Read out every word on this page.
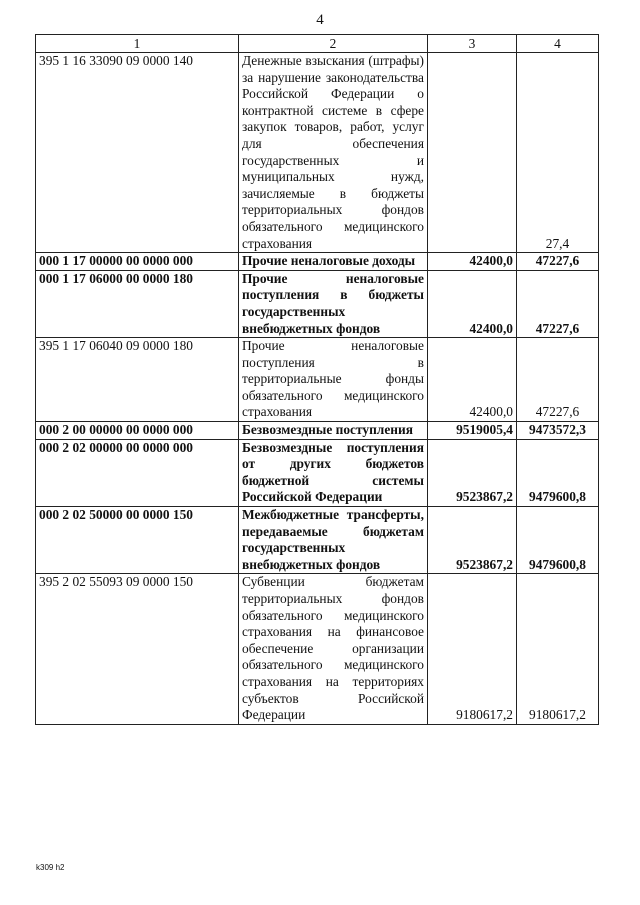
4
1	2	3	4
395 1 16 33090 09 0000 140	Денежные взыскания (штрафы) за нарушение законодательства Российской Федерации о контрактной системе в сфере закупок товаров, работ, услуг для обеспечения государственных и муниципальных нужд, зачисляемые в бюджеты территориальных фондов обязательного медицинского страхования		27,4
000 1 17 00000 00 0000 000	Прочие неналоговые доходы	42400,0	47227,6
000 1 17 06000 00 0000 180	Прочие неналоговые поступления в бюджеты государственных внебюджетных фондов	42400,0	47227,6
395 1 17 06040 09 0000 180	Прочие неналоговые поступления в территориальные фонды обязательного медицинского страхования	42400,0	47227,6
000 2 00 00000 00 0000 000	Безвозмездные поступления	9519005,4	9473572,3
000 2 02 00000 00 0000 000	Безвозмездные поступления от других бюджетов бюджетной системы Российской Федерации	9523867,2	9479600,8
000 2 02 50000 00 0000 150	Межбюджетные трансферты, передаваемые бюджетам государственных внебюджетных фондов	9523867,2	9479600,8
395 2 02 55093 09 0000 150	Субвенции бюджетам территориальных фондов обязательного медицинского страхования на финансовое обеспечение организации обязательного медицинского страхования на территориях субъектов Российской Федерации	9180617,2	9180617,2
k309 h2
